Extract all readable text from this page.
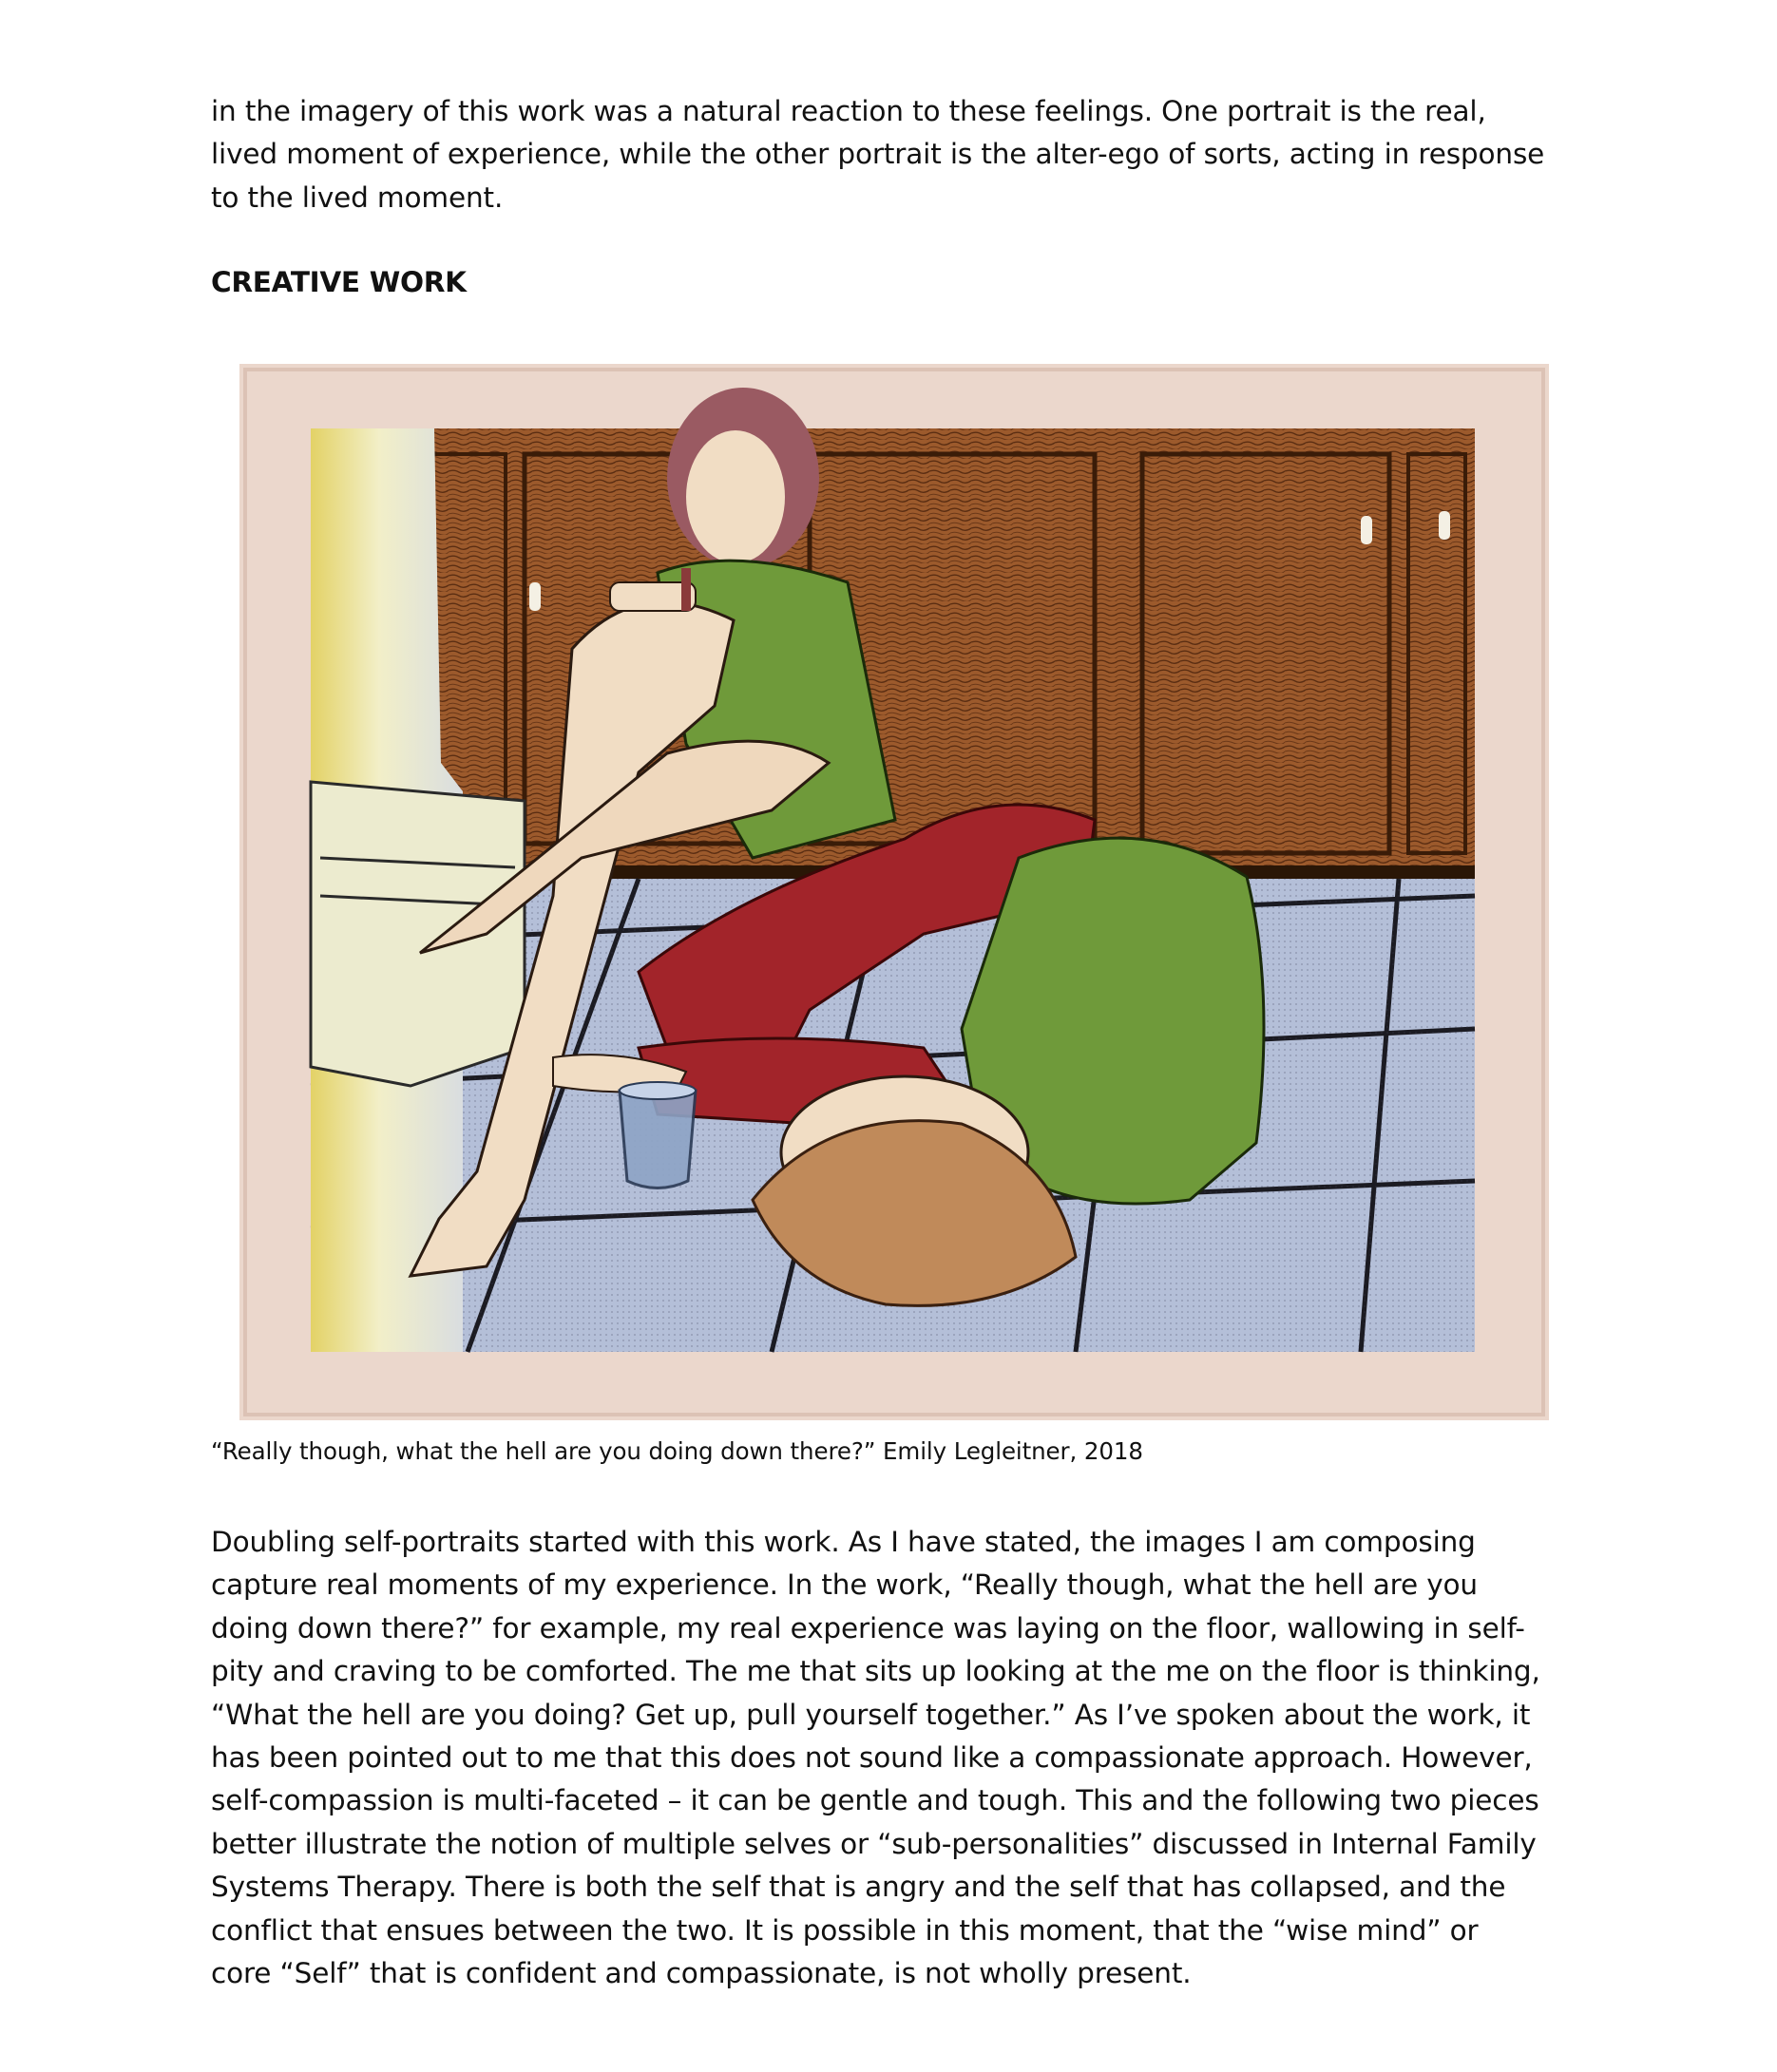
in the imagery of this work was a natural reaction to these feelings. One portrait is the real,
lived moment of experience, while the other portrait is the alter-ego of sorts, acting in response
to the lived moment.

CREATIVE WORK

“Really though, what the hell are you doing down there?” Emily Legleitner, 2018

Doubling self-portraits started with this work. As I have stated, the images I am composing
capture real moments of my experience. In the work, “Really though, what the hell are you
doing down there?” for example, my real experience was laying on the floor, wallowing in self-
pity and craving to be comforted. The me that sits up looking at the me on the floor is thinking,
“What the hell are you doing? Get up, pull yourself together.” As I’ve spoken about the work, it
has been pointed out to me that this does not sound like a compassionate approach. However,
self-compassion is multi-faceted – it can be gentle and tough. This and the following two pieces
better illustrate the notion of multiple selves or “sub-personalities” discussed in Internal Family
Systems Therapy. There is both the self that is angry and the self that has collapsed, and the
conflict that ensues between the two. It is possible in this moment, that the “wise mind” or
core “Self” that is confident and compassionate, is not wholly present.
